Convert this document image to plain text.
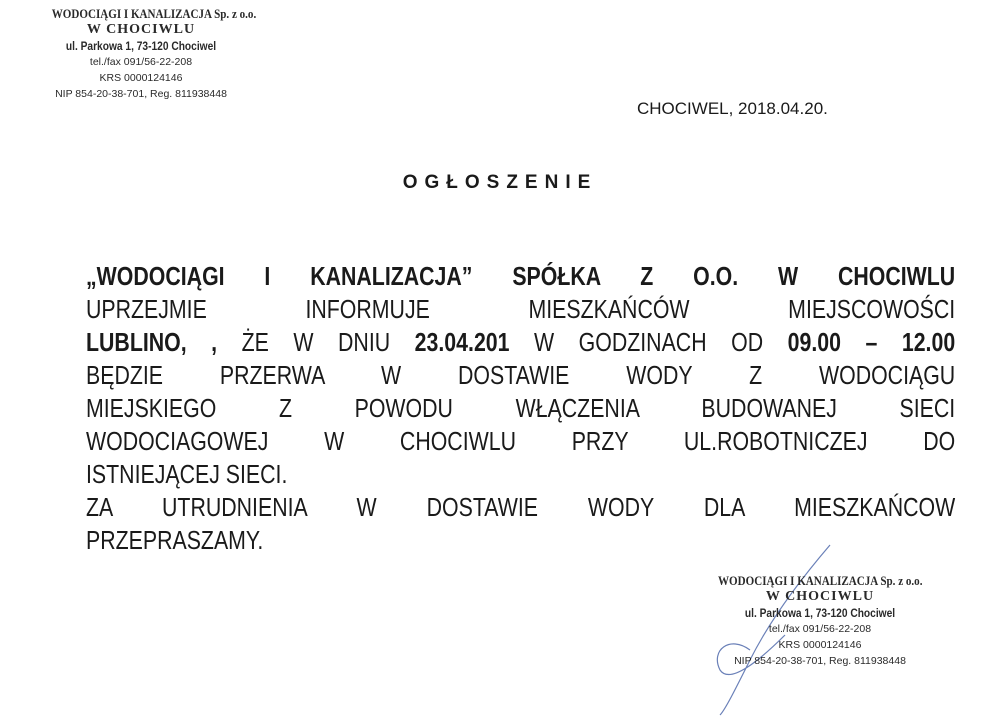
WODOCIĄGI I KANALIZACJA Sp. z o.o.
W CHOCIWLU
ul. Parkowa 1, 73-120 Chociwel
tel./fax 091/56-22-208
KRS 0000124146
NIP 854-20-38-701, Reg. 811938448
CHOCIWEL, 2018.04.20.
OGŁOSZENIE
„WODOCIĄGI I KANALIZACJA” SPÓŁKA Z O.O. W CHOCIWLU
UPRZEJMIE INFORMUJE MIESZKAŃCÓW MIEJSCOWOŚCI
LUBLINO, , ŻE W DNIU 23.04.201 W GODZINACH OD 09.00 – 12.00
BĘDZIE PRZERWA W DOSTAWIE WODY Z WODOCIĄGU
MIEJSKIEGO Z POWODU WŁĄCZENIA BUDOWANEJ SIECI
WODOCIAGOWEJ W CHOCIWLU PRZY UL.ROBOTNICZEJ DO
ISTNIEJĄCEJ SIECI.
ZA UTRUDNIENIA W DOSTAWIE WODY DLA MIESZKAŃCOW
PRZEPRASZAMY.
WODOCIĄGI I KANALIZACJA Sp. z o.o.
W CHOCIWLU
ul. Parkowa 1, 73-120 Chociwel
tel./fax 091/56-22-208
KRS 0000124146
NIP 854-20-38-701, Reg. 811938448
